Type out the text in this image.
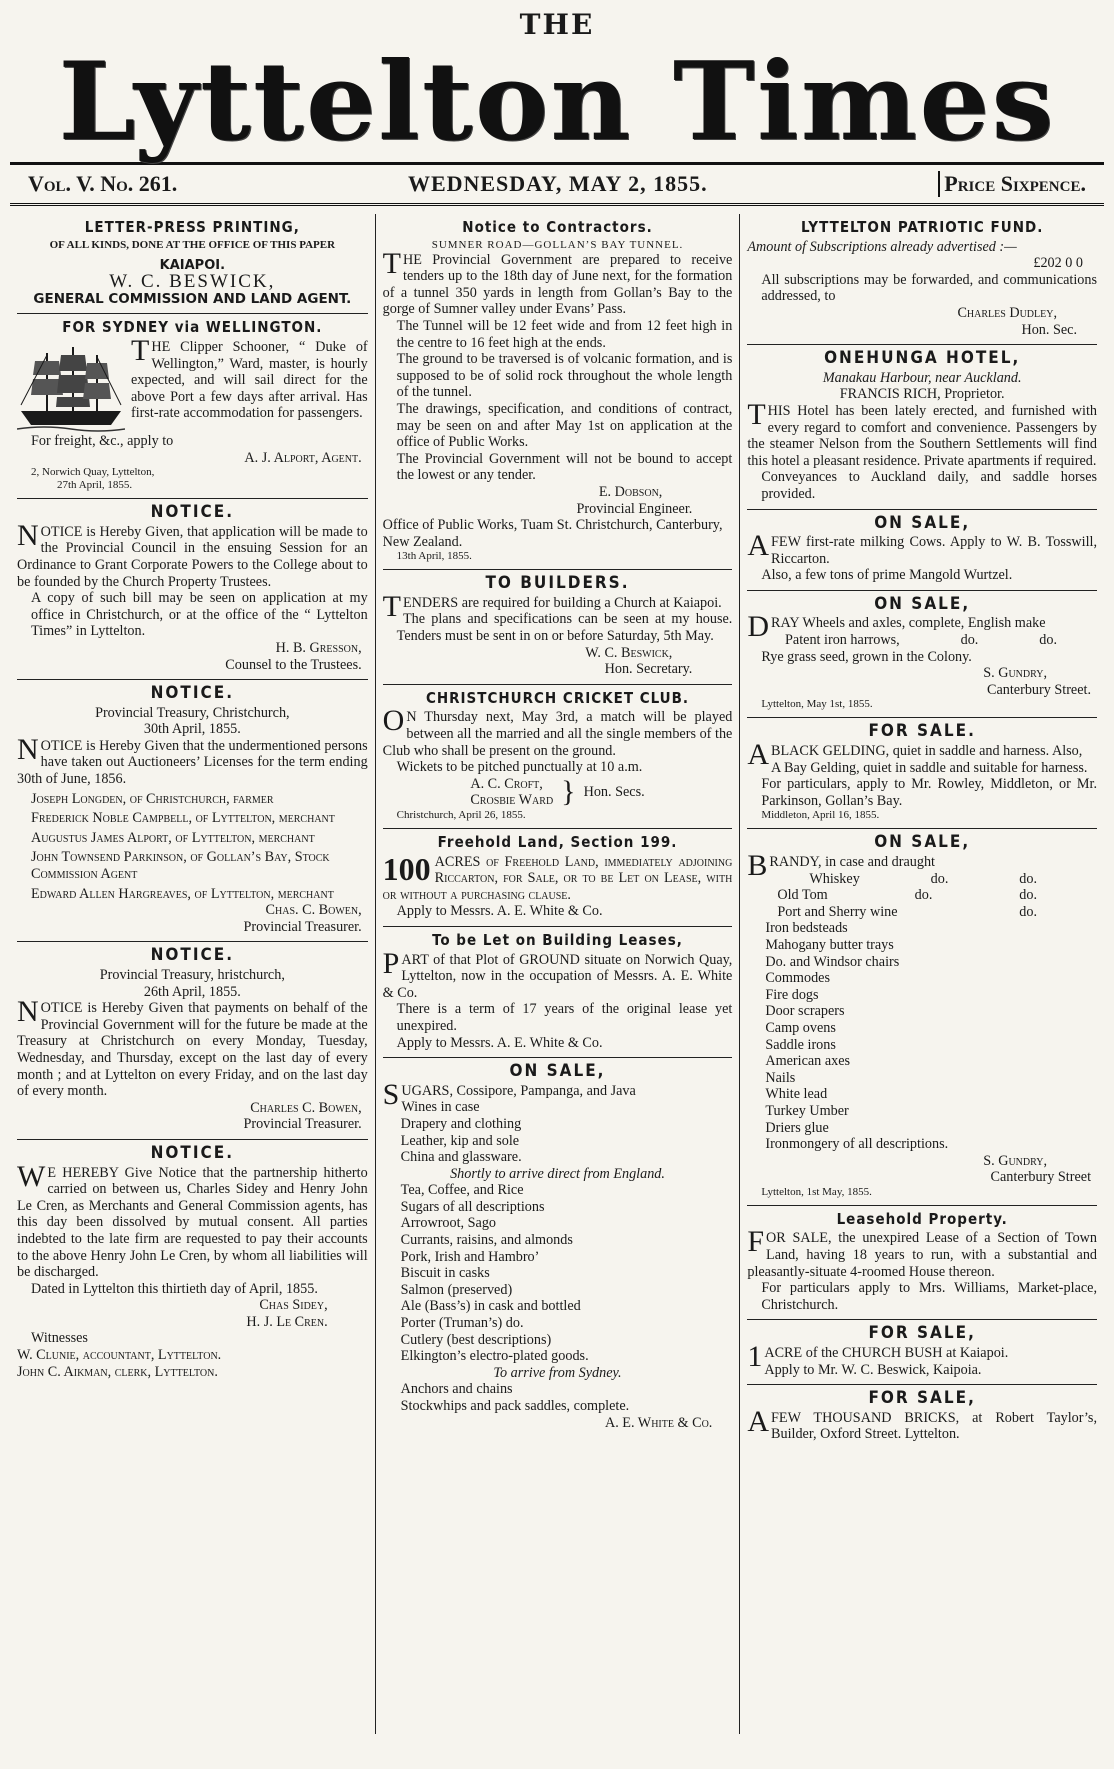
THE
Lyttelton Times
Vol. V. No. 261.	WEDNESDAY, MAY 2, 1855.	Price Sixpence.
LETTER-PRESS PRINTING,
OF ALL KINDS, DONE AT THE OFFICE OF THIS PAPER
KAIAPOI.
W. C. BESWICK,
GENERAL COMMISSION AND LAND AGENT.
FOR SYDNEY via WELLINGTON.

THE Clipper Schooner, “ Duke of Wellington,” Ward, master, is hourly expected, and will sail direct for the above Port a few days after arrival. Has first-rate accommodation for passengers.

For freight, &c., apply to
A. J. Alport, Agent.
2, Norwich Quay, Lyttelton,
27th April, 1855.
NOTICE.

NOTICE is Hereby Given, that application will be made to the Provincial Council in the ensuing Session for an Ordinance to Grant Corporate Powers to the College about to be founded by the Church Property Trustees.

A copy of such bill may be seen on application at my office in Christchurch, or at the office of the “ Lyttelton Times” in Lyttelton.

H. B. Gresson,
Counsel to the Trustees.
NOTICE.
Provincial Treasury, Christchurch,
30th April, 1855.

NOTICE is Hereby Given that the undermentioned persons have taken out Auctioneers’ Licenses for the term ending 30th of June, 1856.

Joseph Longden, of Christchurch, farmer
Frederick Noble Campbell, of Lyttelton, merchant
Augustus James Alport, of Lyttelton, merchant
John Townsend Parkinson, of Gollan’s Bay, Stock Commission Agent
Edward Allen Hargreaves, of Lyttelton, merchant
Chas. C. Bowen,
Provincial Treasurer.
NOTICE.
Provincial Treasury, hristchurch,
26th April, 1855.

NOTICE is Hereby Given that payments on behalf of the Provincial Government will for the future be made at the Treasury at Christchurch on every Monday, Tuesday, Wednesday, and Thursday, except on the last day of every month ; and at Lyttelton on every Friday, and on the last day of every month.

Charles C. Bowen,
Provincial Treasurer.
NOTICE.

W E HEREBY Give Notice that the partnership hitherto carried on between us, Charles Sidey and Henry John Le Cren, as Merchants and General Commission agents, has this day been dissolved by mutual consent. All parties indebted to the late firm are requested to pay their accounts to the above Henry John Le Cren, by whom all liabilities will be discharged.

Dated in Lyttelton this thirtieth day of April, 1855.

Chas Sidey,
H. J. Le Cren.
Witnesses
W. Clunie, accountant, Lyttelton.
John C. Aikman, clerk, Lyttelton.
Notice to Contractors.
SUMNER ROAD—GOLLAN’S BAY TUNNEL.

THE Provincial Government are prepared to receive tenders up to the 18th day of June next, for the formation of a tunnel 350 yards in length from Gollan’s Bay to the gorge of Sumner valley under Evans’ Pass.

The Tunnel will be 12 feet wide and from 12 feet high in the centre to 16 feet high at the ends.

The ground to be traversed is of volcanic formation, and is supposed to be of solid rock throughout the whole length of the tunnel.

The drawings, specification, and conditions of contract, may be seen on and after May 1st on application at the office of Public Works.

The Provincial Government will not be bound to accept the lowest or any tender.

E. Dobson,
Provincial Engineer.
Office of Public Works, Tuam St. Christchurch, Canterbury, New Zealand.
13th April, 1855.
TO BUILDERS.

TENDERS are required for building a Church at Kaiapoi.

The plans and specifications can be seen at my house. Tenders must be sent in on or before Saturday, 5th May.

W. C. Beswick,
Hon. Secretary.
CHRISTCHURCH CRICKET CLUB.

O N Thursday next, May 3rd, a match will be played between all the married and all the single members of the Club who shall be present on the ground.

Wickets to be pitched punctually at 10 a.m.

A. C. Croft,
Crosbie Ward } Hon. Secs.
Christchurch, April 26, 1855.
Freehold Land, Section 199.

100 ACRES of Freehold Land, immediately adjoining Riccarton, for Sale, or to be Let on Lease, with or without a purchasing clause.

Apply to Messrs. A. E. White & Co.
To be Let on Building Leases,

PART of that Plot of GROUND situate on Norwich Quay, Lyttelton, now in the occupation of Messrs. A. E. White & Co.

There is a term of 17 years of the original lease yet unexpired.

Apply to Messrs. A. E. White & Co.
ON SALE,

SUGARS, Cossipore, Pampanga, and Java

Wines in case
Drapery and clothing
Leather, kip and sole
China and glassware.
Shortly to arrive direct from England.
Tea, Coffee, and Rice
Sugars of all descriptions
Arrowroot, Sago
Currants, raisins, and almonds
Pork, Irish and Hambro’
Biscuit in casks
Salmon (preserved)
Ale (Bass’s) in cask and bottled
Porter (Truman’s) do.
Cutlery (best descriptions)
Elkington’s electro-plated goods.
To arrive from Sydney.
Anchors and chains
Stockwhips and pack saddles, complete.
A. E. White & Co.
LYTTELTON PATRIOTIC FUND.
Amount of Subscriptions already advertised :—
£202 0 0

All subscriptions may be forwarded, and communications addressed, to

Charles Dudley,
Hon. Sec.
ONEHUNGA HOTEL,
Manakau Harbour, near Auckland.
FRANCIS RICH, Proprietor.

THIS Hotel has been lately erected, and furnished with every regard to comfort and convenience. Passengers by the steamer Nelson from the Southern Settlements will find this hotel a pleasant residence. Private apartments if required.

Conveyances to Auckland daily, and saddle horses provided.

ON SALE,

AFEW first-rate milking Cows. Apply to W. B. Tosswill, Riccarton.

Also, a few tons of prime Mangold Wurtzel.

ON SALE,

DRAY Wheels and axles, complete, English make

Patent iron harrows,	do.	do.
Rye grass seed, grown in the Colony.
S. Gundry,
Canterbury Street.
Lyttelton, May 1st, 1855.
FOR SALE.

ABLACK GELDING, quiet in saddle and harness. Also,

A Bay Gelding, quiet in saddle and suitable for harness.

For particulars, apply to Mr. Rowley, Middleton, or Mr. Parkinson, Gollan’s Bay.

Middleton, April 16, 1855.
ON SALE,

BRANDY, in case and draught

Whiskey	do.	do.
Old Tom	do.	do.
Port and Sherry wine	do.
Iron bedsteads
Mahogany butter trays
Do. and Windsor chairs
Commodes
Fire dogs
Door scrapers
Camp ovens
Saddle irons
American axes
Nails
White lead
Turkey Umber
Driers glue
Ironmongery of all descriptions.
S. Gundry,
Canterbury Street
Lyttelton, 1st May, 1855.
Leasehold Property.

FOR SALE, the unexpired Lease of a Section of Town Land, having 18 years to run, with a substantial and pleasantly-situate 4-roomed House thereon.

For particulars apply to Mrs. Williams, Market-place, Christchurch.

FOR SALE,

1 ACRE of the CHURCH BUSH at Kaiapoi.

Apply to Mr. W. C. Beswick, Kaipoia.

FOR SALE,

AFEW THOUSAND BRICKS, at Robert Taylor’s, Builder, Oxford Street. Lyttelton.
